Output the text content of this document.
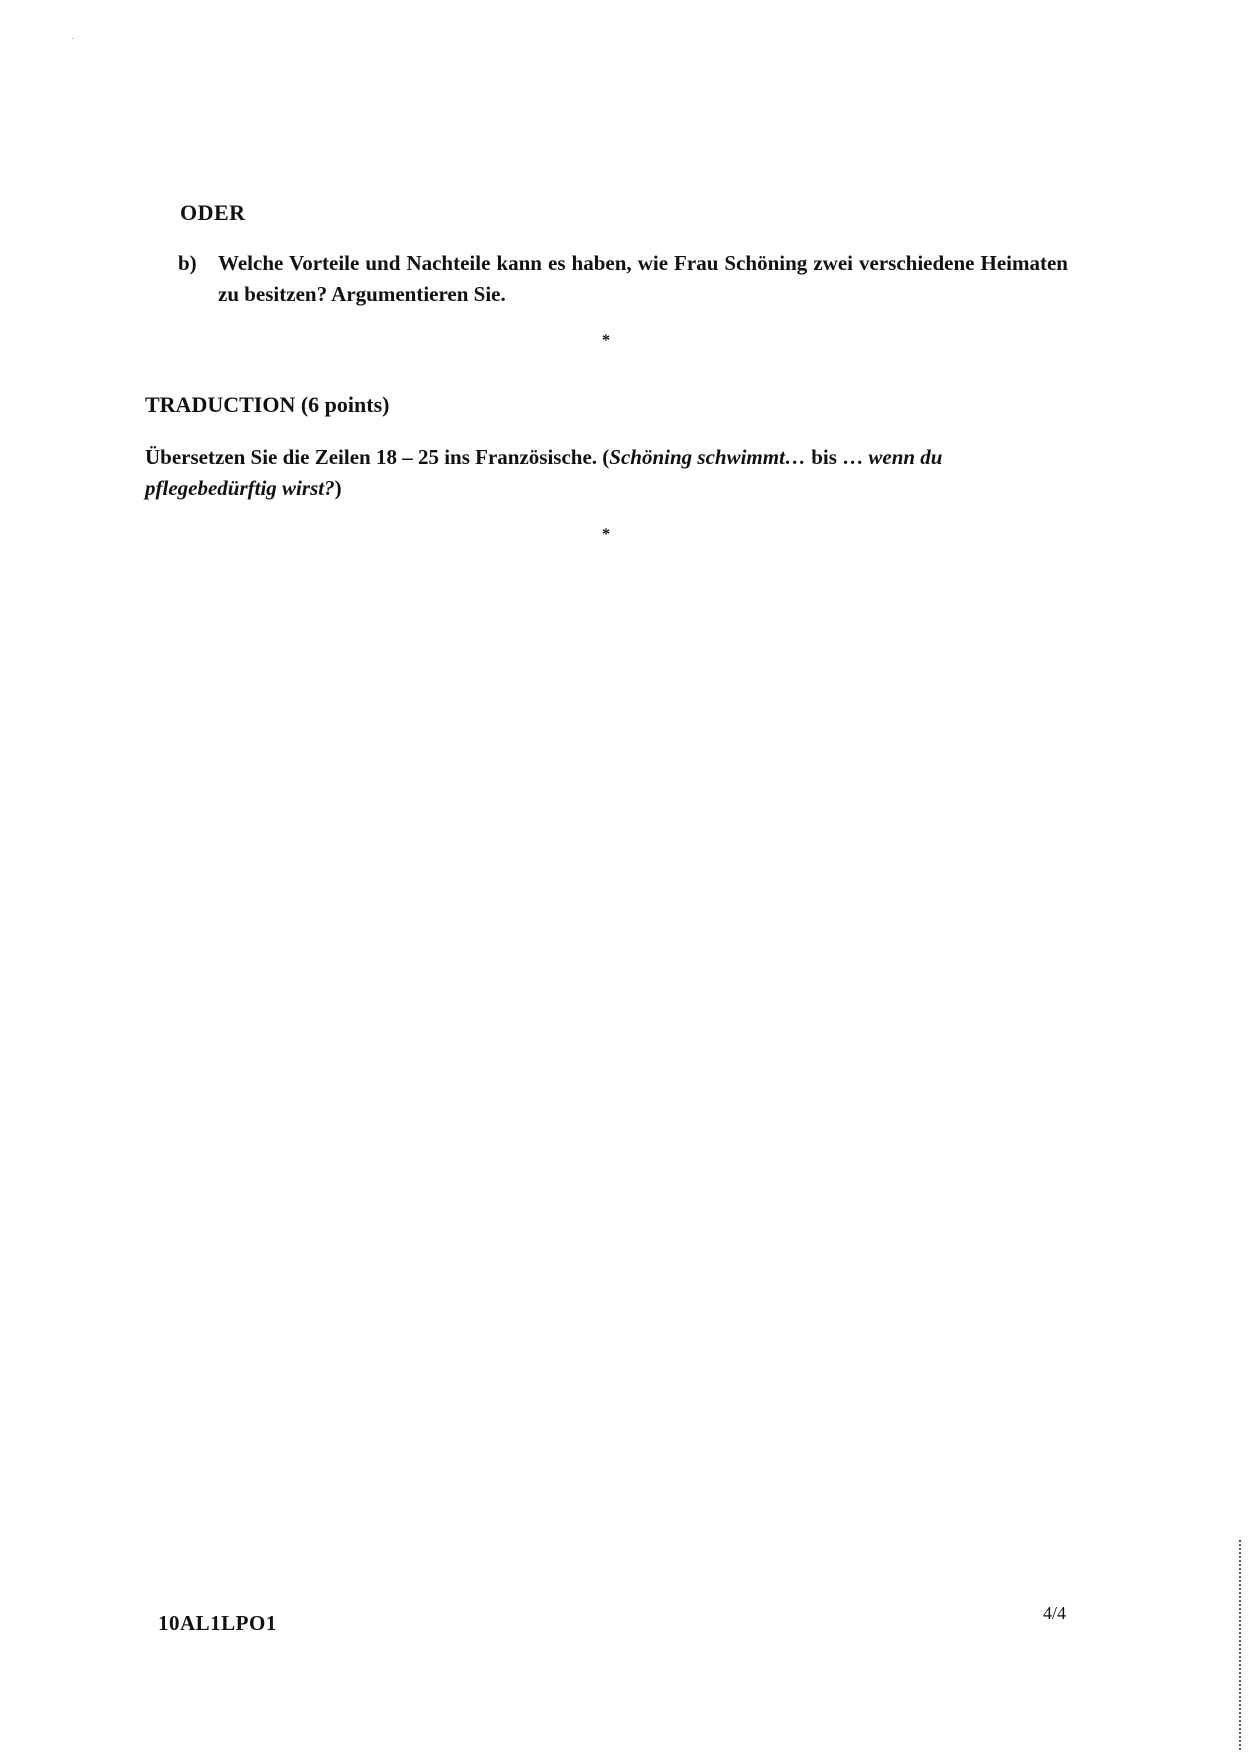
ODER
b) Welche Vorteile und Nachteile kann es haben, wie Frau Schöning zwei verschiedene Heimaten zu besitzen? Argumentieren Sie.
*
TRADUCTION (6 points)
Übersetzen Sie die Zeilen 18 – 25 ins Französische. (Schöning schwimmt… bis … wenn du pflegebedürftig wirst?)
*
10AL1LPO1	4/4
